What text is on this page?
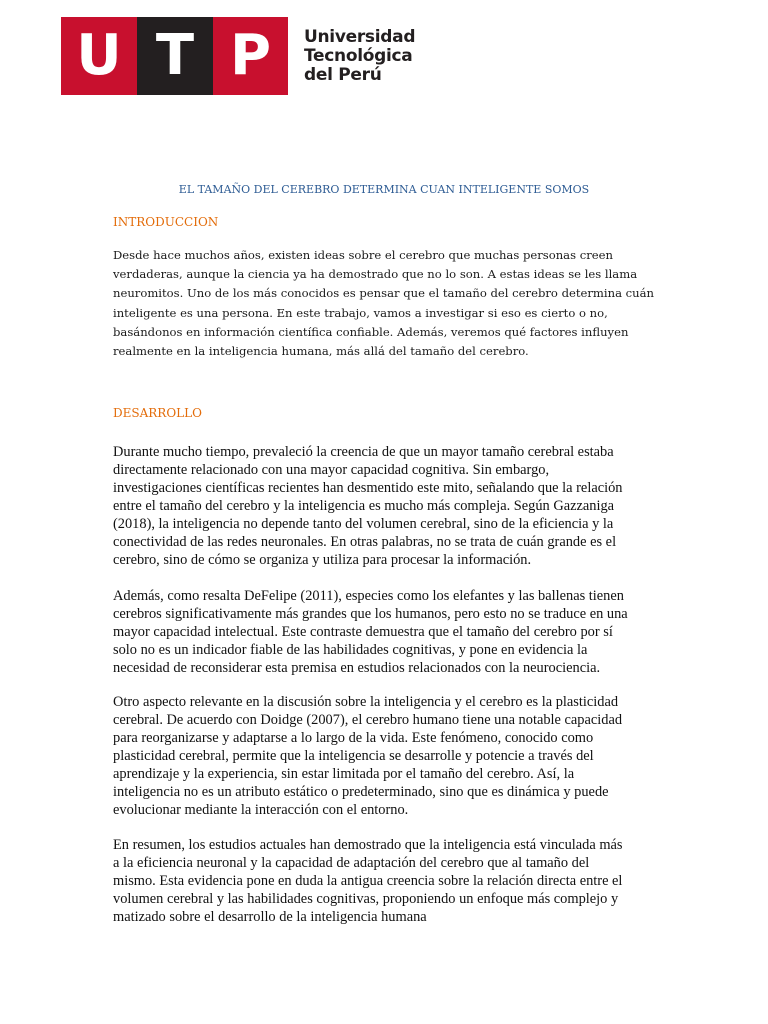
U T P	Universidad
Tecnológica
del Perú
EL TAMAÑO DEL CEREBRO DETERMINA CUAN INTELIGENTE SOMOS
INTRODUCCION
Desde hace muchos años, existen ideas sobre el cerebro que muchas personas creen
verdaderas, aunque la ciencia ya ha demostrado que no lo son. A estas ideas se les llama
neuromitos. Uno de los más conocidos es pensar que el tamaño del cerebro determina cuán
inteligente es una persona. En este trabajo, vamos a investigar si eso es cierto o no,
basándonos en información científica confiable. Además, veremos qué factores influyen
realmente en la inteligencia humana, más allá del tamaño del cerebro.
DESARROLLO
Durante mucho tiempo, prevaleció la creencia de que un mayor tamaño cerebral estaba
directamente relacionado con una mayor capacidad cognitiva. Sin embargo,
investigaciones científicas recientes han desmentido este mito, señalando que la relación
entre el tamaño del cerebro y la inteligencia es mucho más compleja. Según Gazzaniga
(2018), la inteligencia no depende tanto del volumen cerebral, sino de la eficiencia y la
conectividad de las redes neuronales. En otras palabras, no se trata de cuán grande es el
cerebro, sino de cómo se organiza y utiliza para procesar la información.
Además, como resalta DeFelipe (2011), especies como los elefantes y las ballenas tienen
cerebros significativamente más grandes que los humanos, pero esto no se traduce en una
mayor capacidad intelectual. Este contraste demuestra que el tamaño del cerebro por sí
solo no es un indicador fiable de las habilidades cognitivas, y pone en evidencia la
necesidad de reconsiderar esta premisa en estudios relacionados con la neurociencia.
Otro aspecto relevante en la discusión sobre la inteligencia y el cerebro es la plasticidad
cerebral. De acuerdo con Doidge (2007), el cerebro humano tiene una notable capacidad
para reorganizarse y adaptarse a lo largo de la vida. Este fenómeno, conocido como
plasticidad cerebral, permite que la inteligencia se desarrolle y potencie a través del
aprendizaje y la experiencia, sin estar limitada por el tamaño del cerebro. Así, la
inteligencia no es un atributo estático o predeterminado, sino que es dinámica y puede
evolucionar mediante la interacción con el entorno.
En resumen, los estudios actuales han demostrado que la inteligencia está vinculada más
a la eficiencia neuronal y la capacidad de adaptación del cerebro que al tamaño del
mismo. Esta evidencia pone en duda la antigua creencia sobre la relación directa entre el
volumen cerebral y las habilidades cognitivas, proponiendo un enfoque más complejo y
matizado sobre el desarrollo de la inteligencia humana
